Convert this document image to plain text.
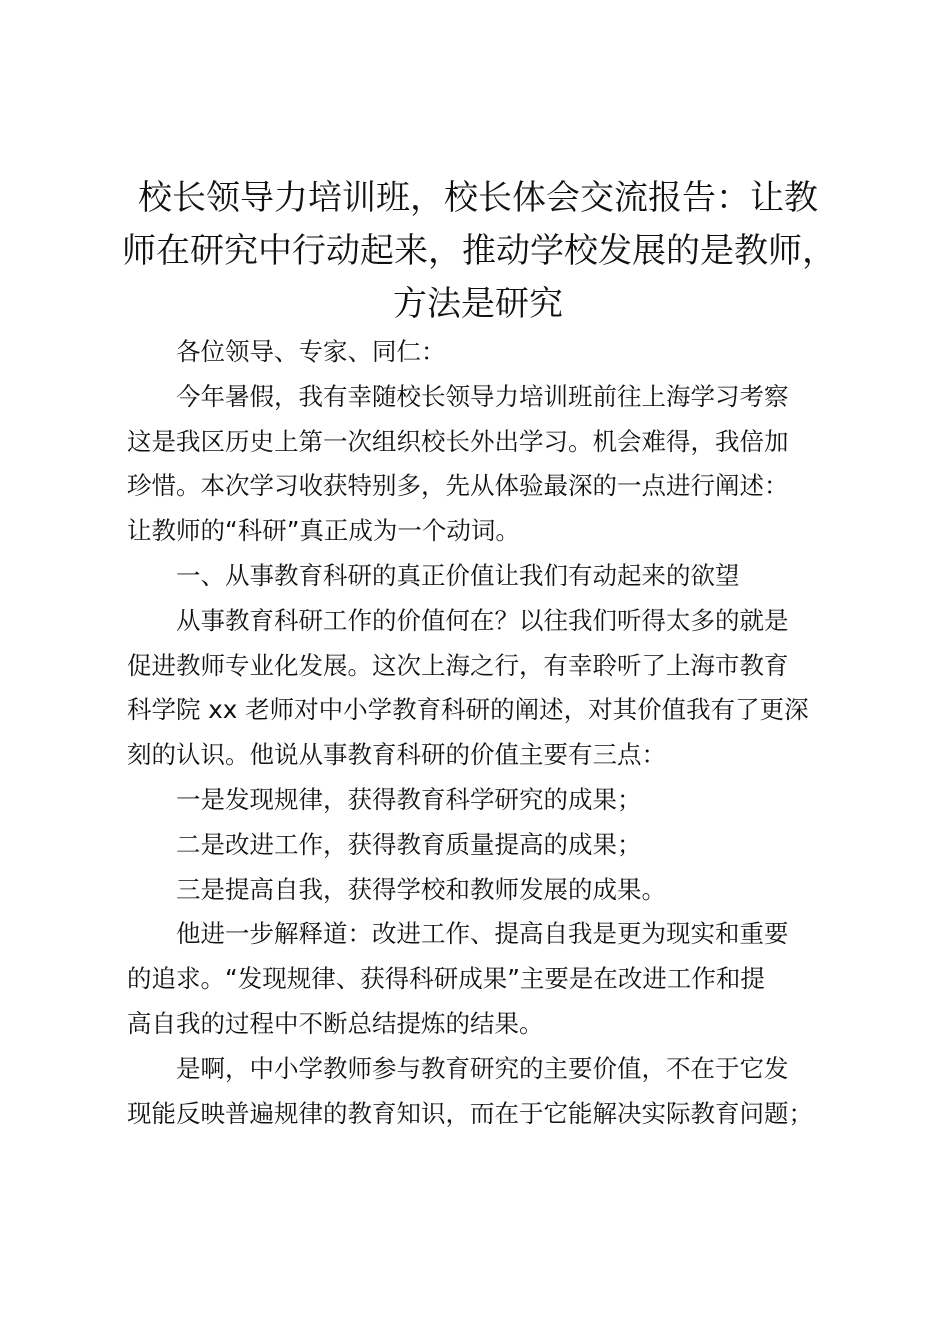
校长领导力培训班，校长体会交流报告：让教
师在研究中行动起来，推动学校发展的是教师，
方法是研究
各位领导、专家、同仁：
今年暑假，我有幸随校长领导力培训班前往上海学习考察
这是我区历史上第一次组织校长外出学习。机会难得，我倍加
珍惜。本次学习收获特别多，先从体验最深的一点进行阐述：
让教师的“科研”真正成为一个动词。
一、从事教育科研的真正价值让我们有动起来的欲望
从事教育科研工作的价值何在？以往我们听得太多的就是
促进教师专业化发展。这次上海之行，有幸聆听了上海市教育
科学院 xx 老师对中小学教育科研的阐述，对其价值我有了更深
刻的认识。他说从事教育科研的价值主要有三点：
一是发现规律，获得教育科学研究的成果；
二是改进工作，获得教育质量提高的成果；
三是提高自我，获得学校和教师发展的成果。
他进一步解释道：改进工作、提高自我是更为现实和重要
的追求。“发现规律、获得科研成果”主要是在改进工作和提
高自我的过程中不断总结提炼的结果。
是啊，中小学教师参与教育研究的主要价值，不在于它发
现能反映普遍规律的教育知识，而在于它能解决实际教育问题；
